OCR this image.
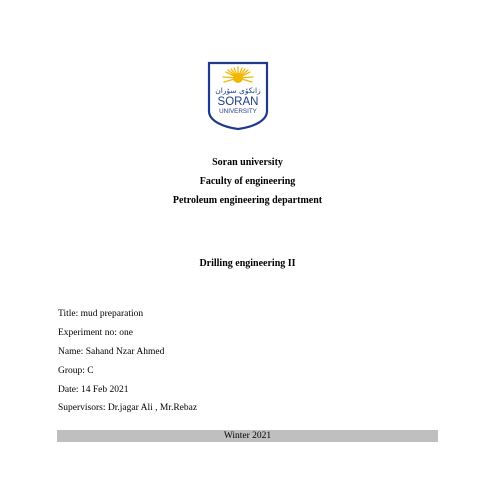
زانكۆى سۆران
SORAN
UNIVERSITY
Soran university
Faculty of engineering
Petroleum engineering department
Drilling engineering II
Title: mud preparation
Experiment no: one
Name: Sahand Nzar Ahmed
Group: C
Date: 14 Feb 2021
Supervisors: Dr.jagar Ali , Mr.Rebaz
Winter 2021
